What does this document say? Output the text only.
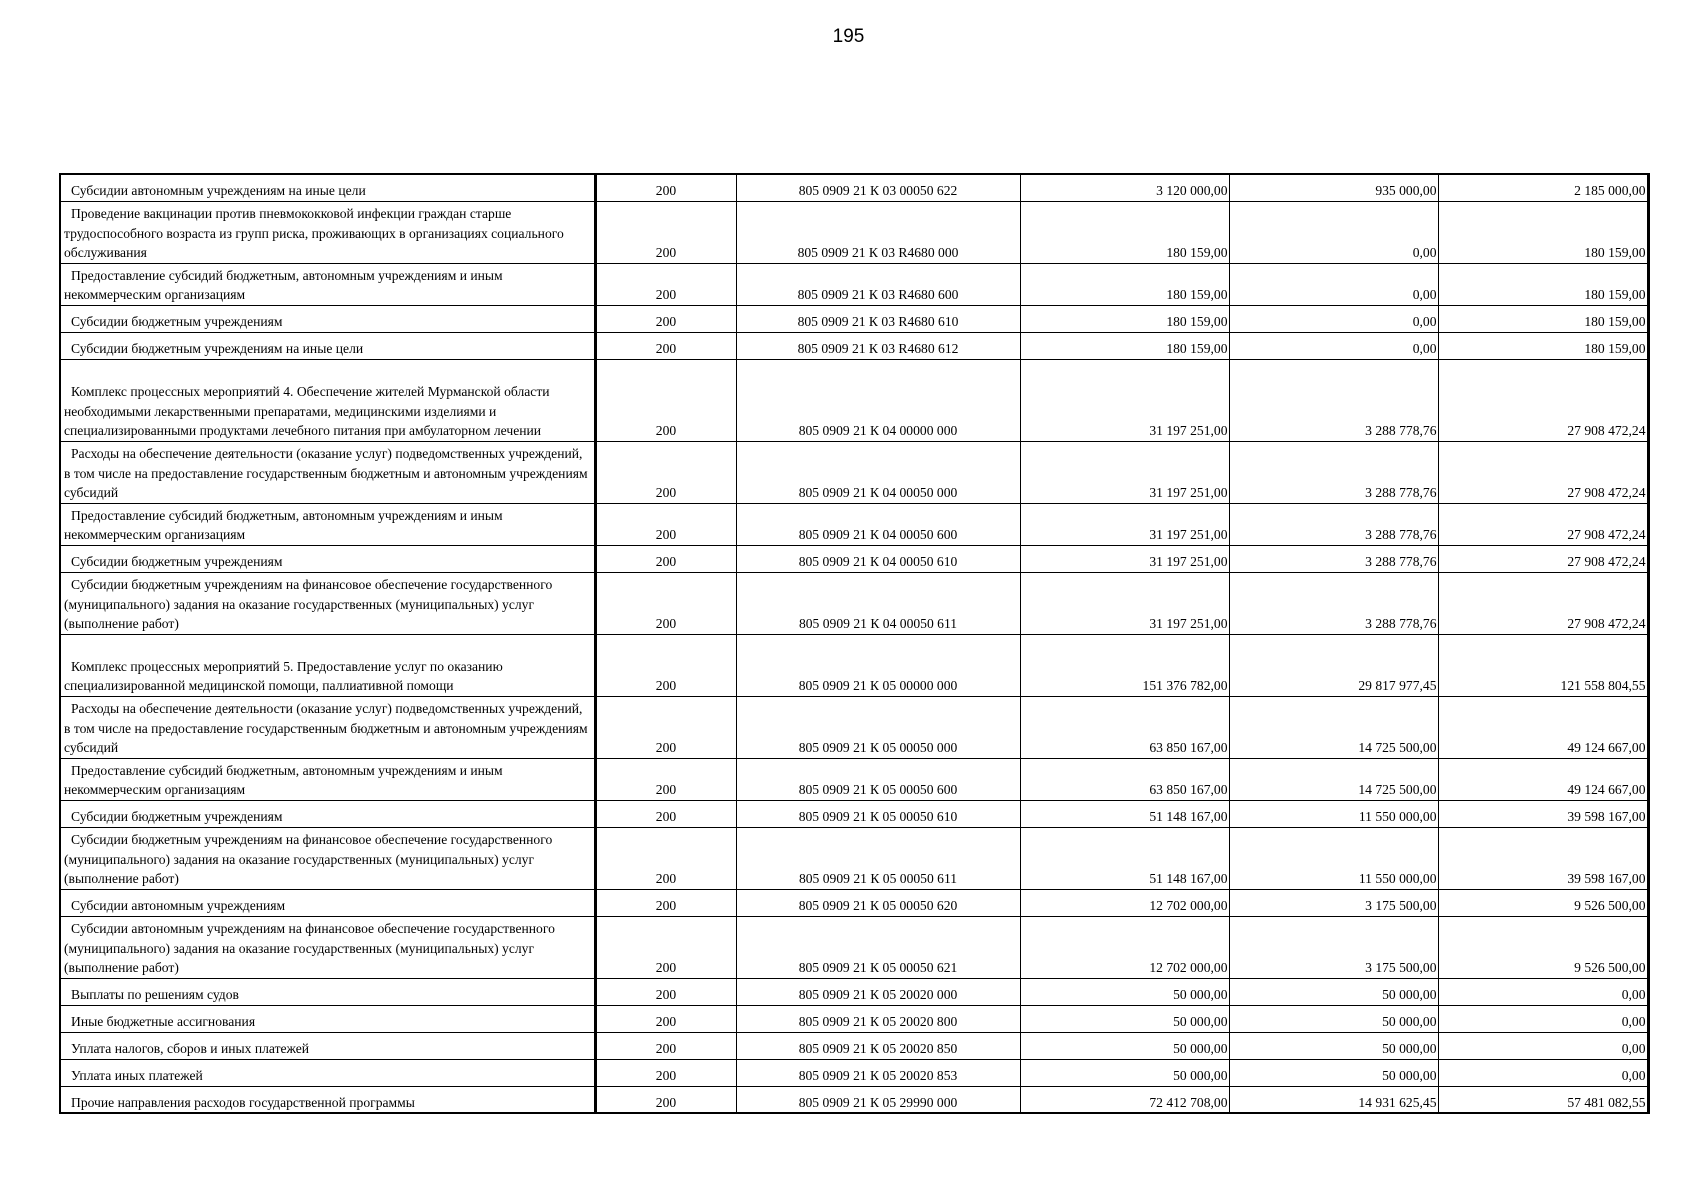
195
Субсидии автономным учреждениям на иные цели	200	805 0909 21 К 03 00050 622	3 120 000,00	935 000,00	2 185 000,00
Проведение вакцинации против пневмококковой инфекции граждан старше трудоспособного возраста из групп риска, проживающих в организациях социального обслуживания	200	805 0909 21 К 03 R4680 000	180 159,00	0,00	180 159,00
Предоставление субсидий бюджетным, автономным учреждениям и иным некоммерческим организациям	200	805 0909 21 К 03 R4680 600	180 159,00	0,00	180 159,00
Субсидии бюджетным учреждениям	200	805 0909 21 К 03 R4680 610	180 159,00	0,00	180 159,00
Субсидии бюджетным учреждениям на иные цели	200	805 0909 21 К 03 R4680 612	180 159,00	0,00	180 159,00
Комплекс процессных мероприятий 4. Обеспечение жителей Мурманской области необходимыми лекарственными препаратами, медицинскими изделиями и специализированными продуктами лечебного питания при амбулаторном лечении	200	805 0909 21 К 04 00000 000	31 197 251,00	3 288 778,76	27 908 472,24
Расходы на обеспечение деятельности (оказание услуг) подведомственных учреждений, в том числе на предоставление государственным бюджетным и автономным учреждениям субсидий	200	805 0909 21 К 04 00050 000	31 197 251,00	3 288 778,76	27 908 472,24
Предоставление субсидий бюджетным, автономным учреждениям и иным некоммерческим организациям	200	805 0909 21 К 04 00050 600	31 197 251,00	3 288 778,76	27 908 472,24
Субсидии бюджетным учреждениям	200	805 0909 21 К 04 00050 610	31 197 251,00	3 288 778,76	27 908 472,24
Субсидии бюджетным учреждениям на финансовое обеспечение государственного (муниципального) задания на оказание государственных (муниципальных) услуг (выполнение работ)	200	805 0909 21 К 04 00050 611	31 197 251,00	3 288 778,76	27 908 472,24
Комплекс процессных мероприятий 5. Предоставление услуг по оказанию специализированной медицинской помощи, паллиативной помощи	200	805 0909 21 К 05 00000 000	151 376 782,00	29 817 977,45	121 558 804,55
Расходы на обеспечение деятельности (оказание услуг) подведомственных учреждений, в том числе на предоставление государственным бюджетным и автономным учреждениям субсидий	200	805 0909 21 К 05 00050 000	63 850 167,00	14 725 500,00	49 124 667,00
Предоставление субсидий бюджетным, автономным учреждениям и иным некоммерческим организациям	200	805 0909 21 К 05 00050 600	63 850 167,00	14 725 500,00	49 124 667,00
Субсидии бюджетным учреждениям	200	805 0909 21 К 05 00050 610	51 148 167,00	11 550 000,00	39 598 167,00
Субсидии бюджетным учреждениям на финансовое обеспечение государственного (муниципального) задания на оказание государственных (муниципальных) услуг (выполнение работ)	200	805 0909 21 К 05 00050 611	51 148 167,00	11 550 000,00	39 598 167,00
Субсидии автономным учреждениям	200	805 0909 21 К 05 00050 620	12 702 000,00	3 175 500,00	9 526 500,00
Субсидии автономным учреждениям на финансовое обеспечение государственного (муниципального) задания на оказание государственных (муниципальных) услуг (выполнение работ)	200	805 0909 21 К 05 00050 621	12 702 000,00	3 175 500,00	9 526 500,00
Выплаты по решениям судов	200	805 0909 21 К 05 20020 000	50 000,00	50 000,00	0,00
Иные бюджетные ассигнования	200	805 0909 21 К 05 20020 800	50 000,00	50 000,00	0,00
Уплата налогов, сборов и иных платежей	200	805 0909 21 К 05 20020 850	50 000,00	50 000,00	0,00
Уплата иных платежей	200	805 0909 21 К 05 20020 853	50 000,00	50 000,00	0,00
Прочие направления расходов государственной программы	200	805 0909 21 К 05 29990 000	72 412 708,00	14 931 625,45	57 481 082,55
